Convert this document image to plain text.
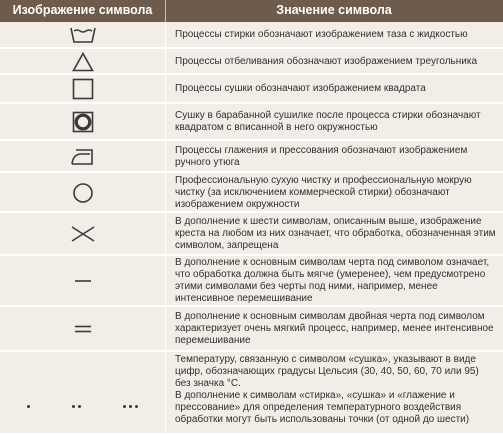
Изображение символа	Значение символа
Процессы стирки обозначают изображением таза с жидкостью
Процессы отбеливания обозначают изображением треугольника
Процессы сушки обозначают изображением квадрата
Сушку в барабанной сушилке после процесса стирки обозначают квадратом с вписанной в него окружностью
Процессы глажения и прессования обозначают изображением ручного утюга
Профессиональную сухую чистку и профессиональную мокрую чистку (за исключением коммерческой стирки) обозначают изображением окружности
В дополнение к шести символам, описанным выше, изображение креста на любом из них означает, что обработка, обозначенная этим символом, запрещена
В дополнение к основным символам черта под символом означает, что обработка должна быть мягче (умеренее), чем предусмотрено этими символами без черты под ними, например, менее интенсивное перемешивание
В дополнение к основным символам двойная черта под символом характеризует очень мягкий процесс, например, менее интенсивное перемешивание
Температуру, связанную с символом «сушка», указывают в виде цифр, обозначающих градусы Цельсия (30, 40, 50, 60, 70 или 95) без значка °С.
В дополнение к символам «стирка», «сушка» и «глажение и прессование» для определения температурного воздействия обработки могут быть использованы точки (от одной до шести)
